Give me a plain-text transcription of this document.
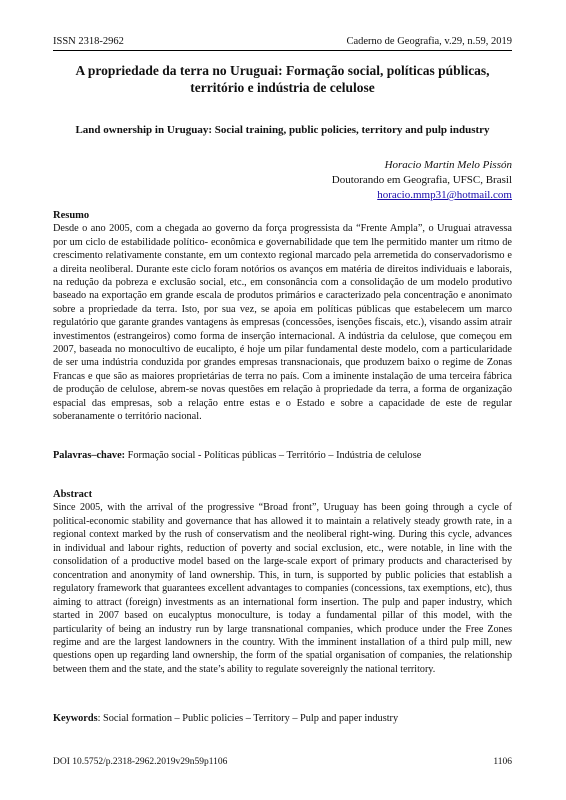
ISSN 2318-2962	Caderno de Geografia, v.29, n.59, 2019
A propriedade da terra no Uruguai: Formação social, políticas públicas,
território e indústria de celulose
Land ownership in Uruguay: Social training, public policies, territory and pulp industry
Horacio Martin Melo Pissón
Doutorando em Geografia, UFSC, Brasil
horacio.mmp31@hotmail.com
Resumo
Desde o ano 2005, com a chegada ao governo da força progressista da “Frente Ampla”, o Uruguai atravessa por um ciclo de estabilidade político- econômica e governabilidade que tem lhe permitido manter um ritmo de crescimento relativamente constante, em um contexto regional marcado pela arremetida do conservadorismo e a direita neoliberal. Durante este ciclo foram notórios os avanços em matéria de direitos individuais e laborais, na redução da pobreza e exclusão social, etc., em consonância com a consolidação de um modelo produtivo baseado na exportação em grande escala de produtos primários e caracterizado pela concentração e anonimato sobre a propriedade da terra. Isto, por sua vez, se apoia em políticas públicas que estabelecem um marco regulatório que garante grandes vantagens às empresas (concessões, isenções fiscais, etc.), visando assim atrair investimentos (estrangeiros) como forma de inserção internacional. A indústria da celulose, que começou em 2007, baseada no monocultivo de eucalipto, é hoje um pilar fundamental deste modelo, com a particularidade de ser uma indústria conduzida por grandes empresas transnacionais, que produzem baixo o regime de Zonas Francas e que são as maiores proprietárias de terra no país. Com a iminente instalação de uma terceira fábrica de produção de celulose, abrem-se novas questões em relação à propriedade da terra, a forma de organização espacial das empresas, sob a relação entre estas e o Estado e sobre a capacidade de este de regular soberanamente o território nacional.
Palavras–chave: Formação social - Políticas públicas – Território – Indústria de celulose
Abstract
Since 2005, with the arrival of the progressive “Broad front”, Uruguay has been going through a cycle of political-economic stability and governance that has allowed it to maintain a relatively steady growth rate, in a regional context marked by the rush of conservatism and the neoliberal right-wing. During this cycle, advances in individual and labour rights, reduction of poverty and social exclusion, etc., were notable, in line with the consolidation of a productive model based on the large-scale export of primary products and characterised by concentration and anonymity of land ownership. This, in turn, is supported by public policies that establish a regulatory framework that guarantees excellent advantages to companies (concessions, tax exemptions, etc), thus aiming to attract (foreign) investments as an international form insertion. The pulp and paper industry, which started in 2007 based on eucalyptus monoculture, is today a fundamental pillar of this model, with the particularity of being an industry run by large transnational companies, which produce under the Free Zones regime and are the largest landowners in the country. With the imminent installation of a third pulp mill, new questions open up regarding land ownership, the form of the spatial organisation of companies, the relationship between them and the state, and the state’s ability to regulate sovereignly the national territory.
Keywords: Social formation – Public policies – Territory – Pulp and paper industry
DOI 10.5752/p.2318-2962.2019v29n59p1106	1106
